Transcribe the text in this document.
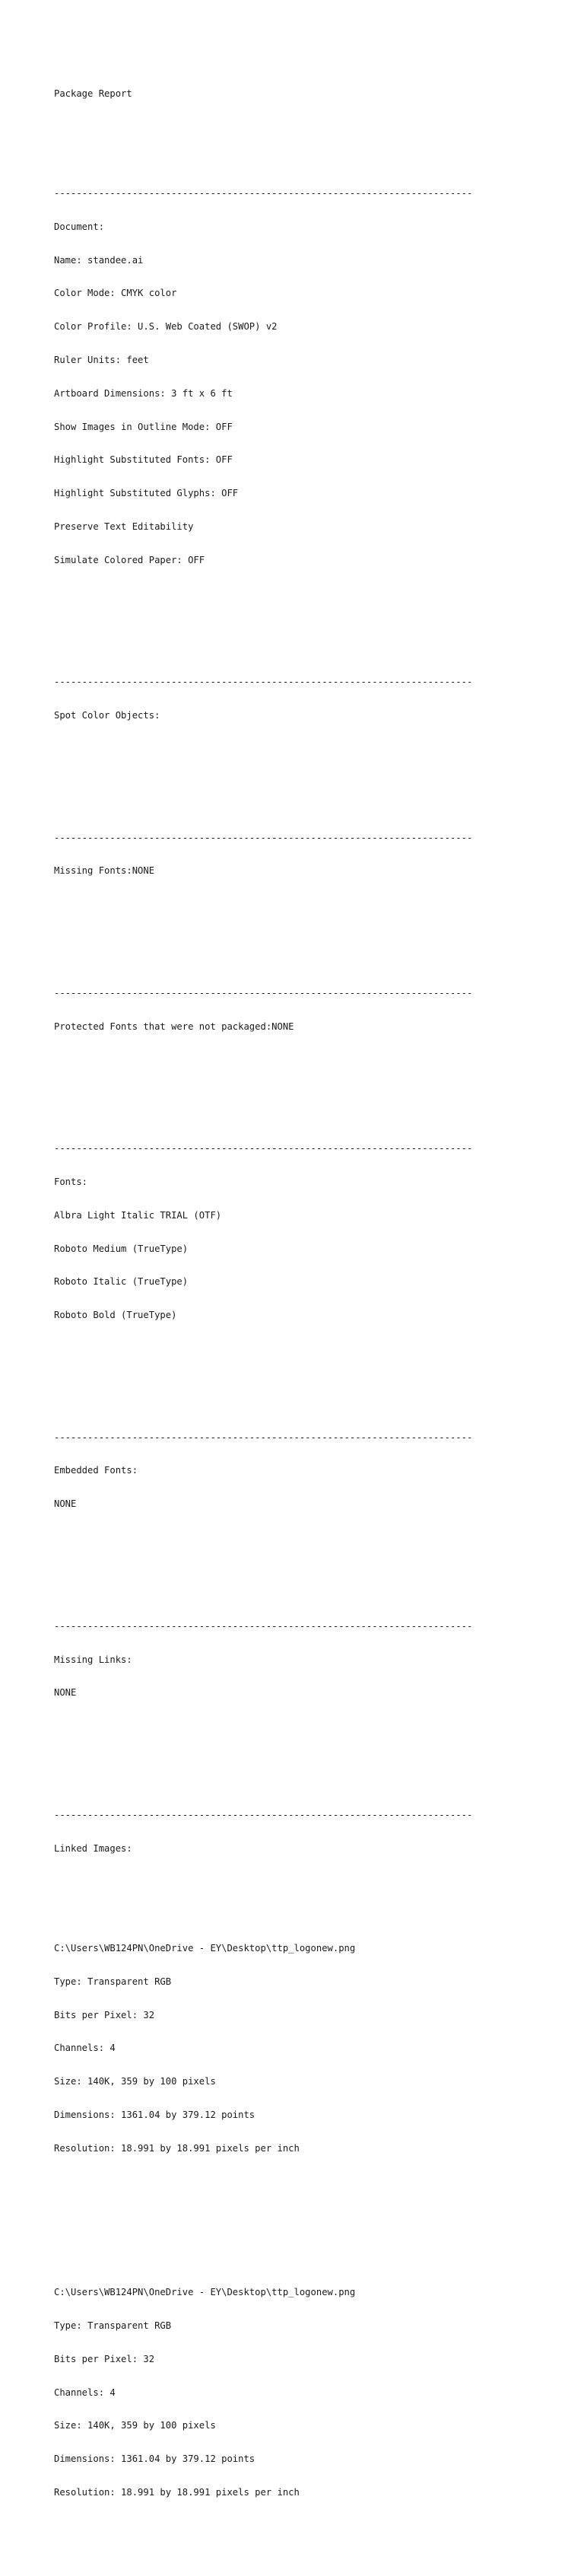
Package Report

---------------------------------------------------------------------------

Document:

Name: standee.ai

Color Mode: CMYK color

Color Profile: U.S. Web Coated (SWOP) v2

Ruler Units: feet

Artboard Dimensions: 3 ft x 6 ft

Show Images in Outline Mode: OFF

Highlight Substituted Fonts: OFF

Highlight Substituted Glyphs: OFF

Preserve Text Editability

Simulate Colored Paper: OFF

---------------------------------------------------------------------------

Spot Color Objects:

---------------------------------------------------------------------------

Missing Fonts:NONE

---------------------------------------------------------------------------

Protected Fonts that were not packaged:NONE

---------------------------------------------------------------------------

Fonts:

Albra Light Italic TRIAL (OTF)

Roboto Medium (TrueType)

Roboto Italic (TrueType)

Roboto Bold (TrueType)

---------------------------------------------------------------------------

Embedded Fonts:

NONE

---------------------------------------------------------------------------

Missing Links:

NONE

---------------------------------------------------------------------------

Linked Images:

C:\Users\WB124PN\OneDrive - EY\Desktop\ttp_logonew.png

Type: Transparent RGB

Bits per Pixel: 32

Channels: 4

Size: 140K, 359 by 100 pixels

Dimensions: 1361.04 by 379.12 points

Resolution: 18.991 by 18.991 pixels per inch

C:\Users\WB124PN\OneDrive - EY\Desktop\ttp_logonew.png

Type: Transparent RGB

Bits per Pixel: 32

Channels: 4

Size: 140K, 359 by 100 pixels

Dimensions: 1361.04 by 379.12 points

Resolution: 18.991 by 18.991 pixels per inch
